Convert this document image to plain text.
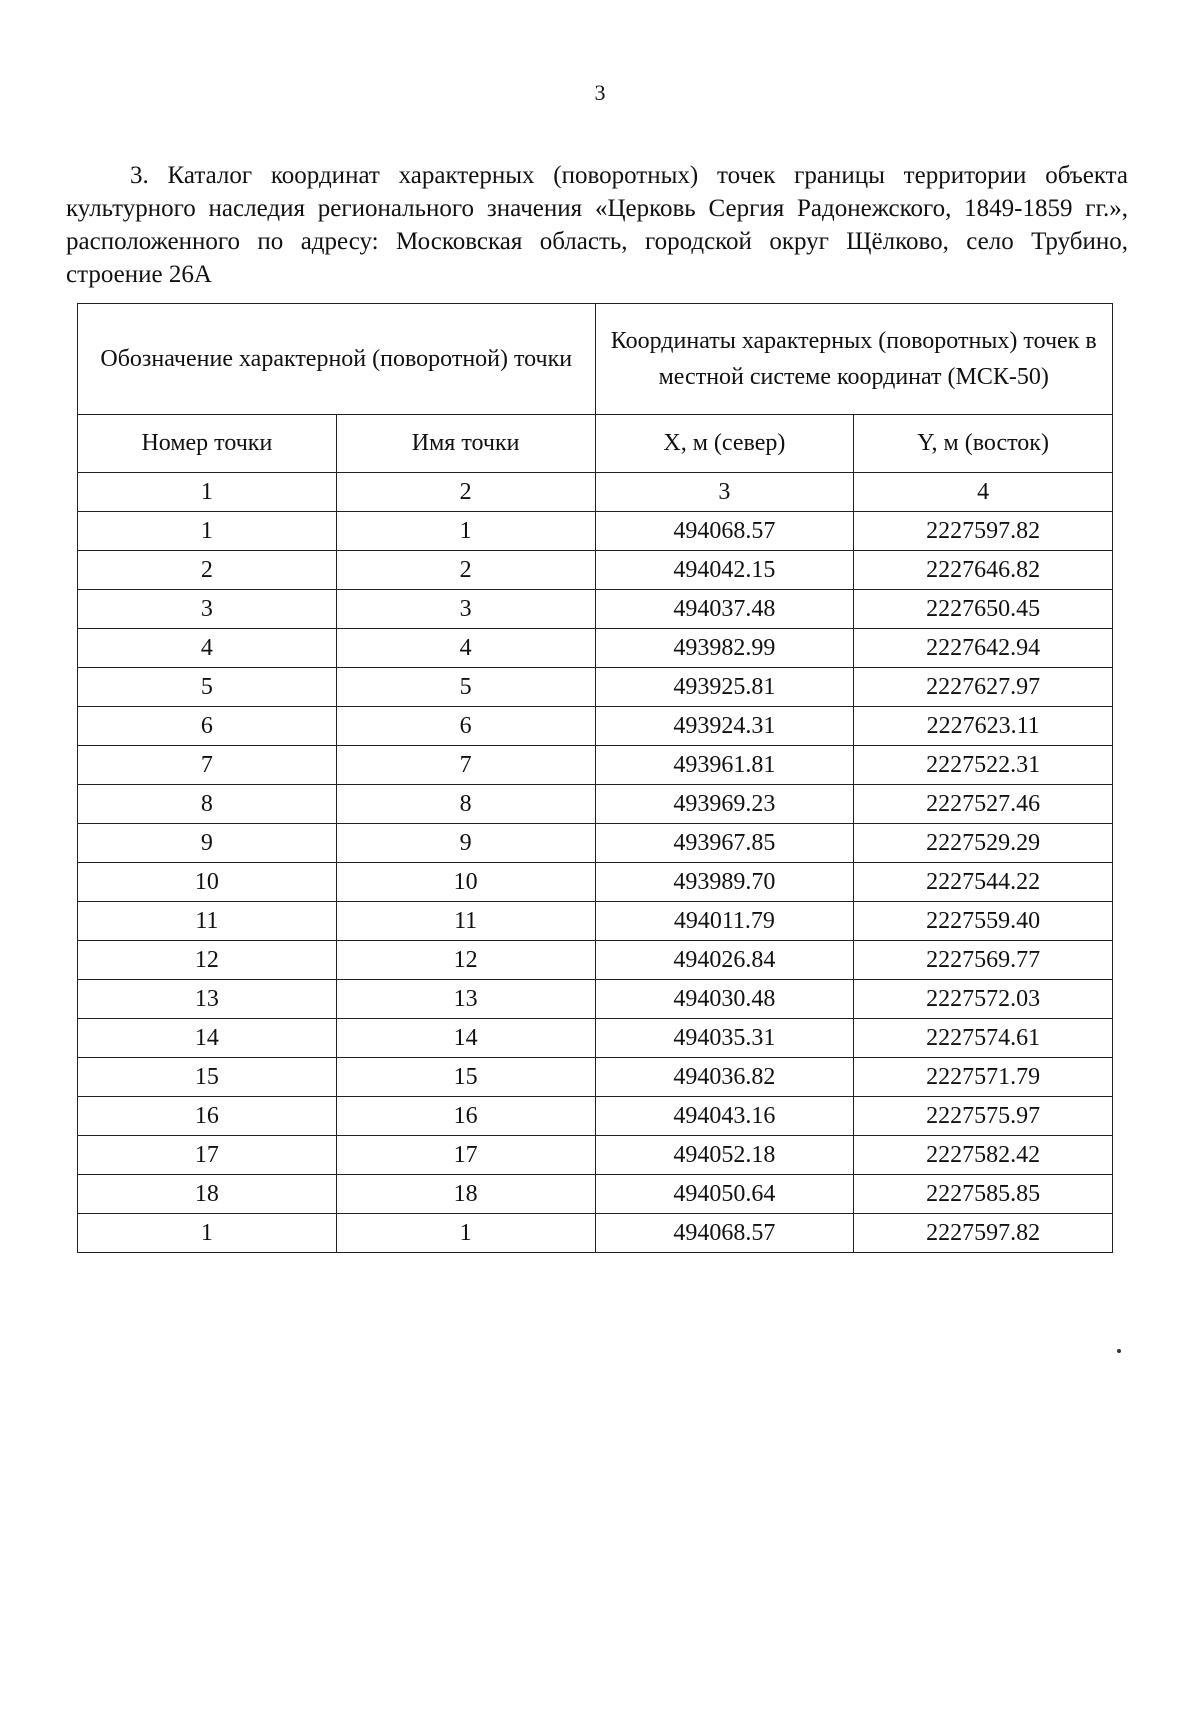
3

3. Каталог координат характерных (поворотных) точек границы территории объекта культурного наследия регионального значения «Церковь Сергия Радонежского, 1849-1859 гг.», расположенного по адресу: Московская область, городской округ Щёлково, село Трубино, строение 26А

Обозначение характерной (поворотной) точки		Координаты характерных (поворотных) точек в местной системе координат (МСК-50)	
Номер точки	Имя точки	X, м (север)	Y, м (восток)
1	2	3	4
1	1	494068.57	2227597.82
2	2	494042.15	2227646.82
3	3	494037.48	2227650.45
4	4	493982.99	2227642.94
5	5	493925.81	2227627.97
6	6	493924.31	2227623.11
7	7	493961.81	2227522.31
8	8	493969.23	2227527.46
9	9	493967.85	2227529.29
10	10	493989.70	2227544.22
11	11	494011.79	2227559.40
12	12	494026.84	2227569.77
13	13	494030.48	2227572.03
14	14	494035.31	2227574.61
15	15	494036.82	2227571.79
16	16	494043.16	2227575.97
17	17	494052.18	2227582.42
18	18	494050.64	2227585.85
1	1	494068.57	2227597.82
